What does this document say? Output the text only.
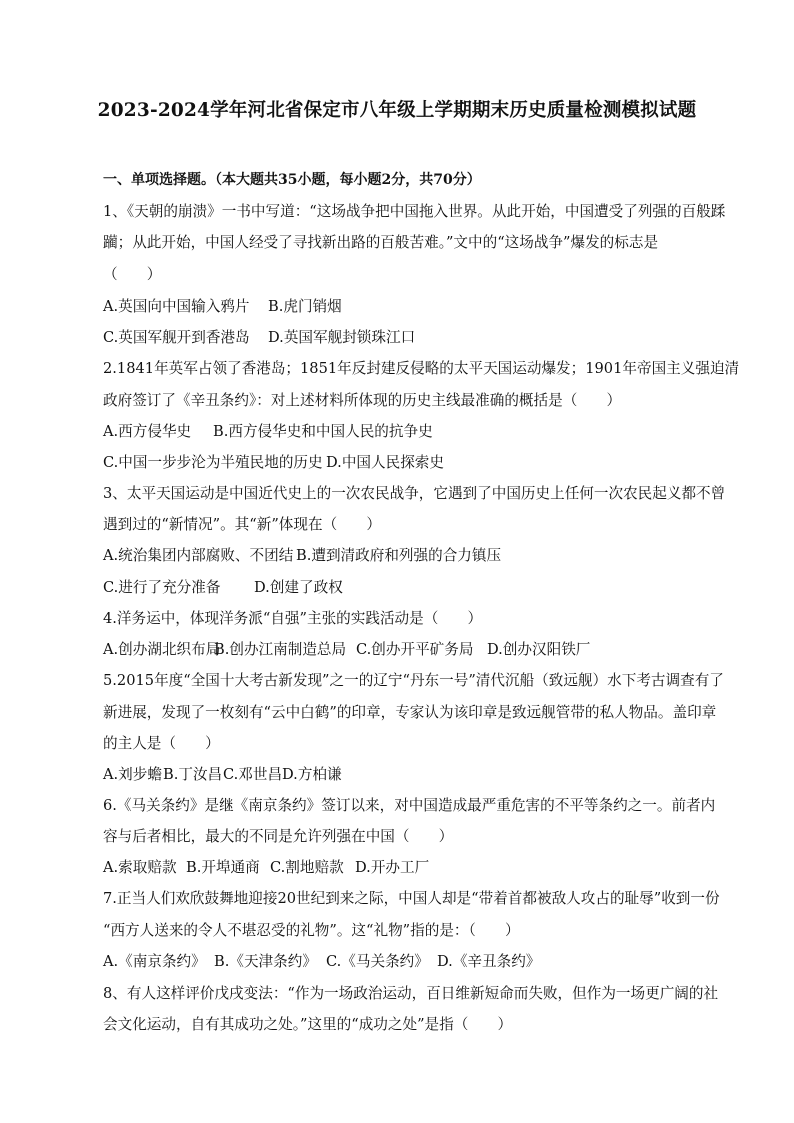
2023-2024学年河北省保定市八年级上学期期末历史质量检测模拟试题
一、单项选择题。（本大题共35小题，每小题2分，共70分）
1、《天朝的崩溃》一书中写道：“这场战争把中国拖入世界。从此开始，中国遭受了列强的百般蹂
躏；从此开始，中国人经受了寻找新出路的百般苦难。”文中的“这场战争”爆发的标志是
（　　）
A.英国向中国输入鸦片 B.虎门销烟
C.英国军舰开到香港岛 D.英国军舰封锁珠江口
2.1841年英军占领了香港岛；1851年反封建反侵略的太平天国运动爆发；1901年帝国主义强迫清
政府签订了《辛丑条约》：对上述材料所体现的历史主线最准确的概括是（　　）
A.西方侵华史 B.西方侵华史和中国人民的抗争史
C.中国一步步沦为半殖民地的历史 D.中国人民探索史
3、太平天国运动是中国近代史上的一次农民战争，它遇到了中国历史上任何一次农民起义都不曾
遇到过的“新情况”。其“新”体现在（　　）
A.统治集团内部腐败、不团结 B.遭到清政府和列强的合力镇压
C.进行了充分准备 D.创建了政权
4.洋务运中，体现洋务派“自强”主张的实践活动是（　　）
A.创办湖北织布局
B.创办江南制造总局 C.创办开平矿务局 D.创办汉阳铁厂
5.2015年度“全国十大考古新发现”之一的辽宁“丹东一号”清代沉船（致远舰）水下考古调查有了
新进展，发现了一枚刻有“云中白鹤”的印章，专家认为该印章是致远舰管带的私人物品。盖印章
的主人是（　　）
A.刘步蟾 B.丁汝昌 C.邓世昌 D.方柏谦
6.《马关条约》是继《南京条约》签订以来，对中国造成最严重危害的不平等条约之一。前者内
容与后者相比，最大的不同是允许列强在中国（　　）
A.索取赔款 B.开埠通商 C.割地赔款 D.开办工厂
7.正当人们欢欣鼓舞地迎接20世纪到来之际，中国人却是“带着首都被敌人攻占的耻辱”收到一份
“西方人送来的令人不堪忍受的礼物”。这“礼物”指的是：（　　）
A.《南京条约》 B.《天津条约》 C.《马关条约》 D.《辛丑条约》
8、有人这样评价戊戌变法：“作为一场政治运动，百日维新短命而失败，但作为一场更广阔的社
会文化运动，自有其成功之处。”这里的“成功之处”是指（　　）
